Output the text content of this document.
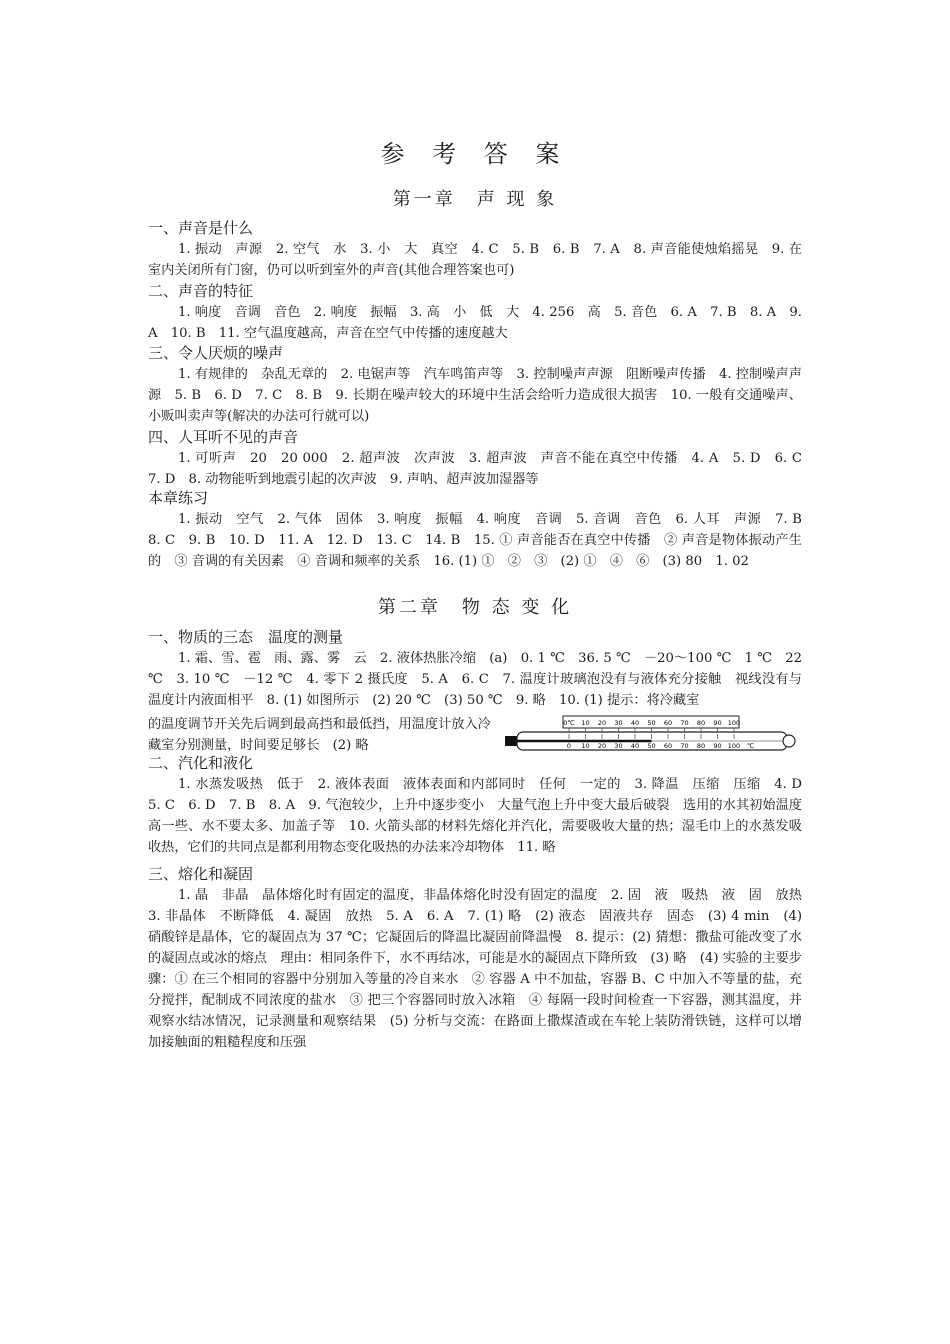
参 考 答 案
第一章　声 现 象
一、声音是什么

1. 振动　声源　2. 空气　水　3. 小　大　真空　4. C　5. B　6. B　7. A　8. 声音能使烛焰摇晃　9. 在室内关闭所有门窗，仍可以听到室外的声音(其他合理答案也可)

二、声音的特征

1. 响度　音调　音色　2. 响度　振幅　3. 高　小　低　大　4. 256　高　5. 音色　6. A　7. B　8. A　9. A　10. B　11. 空气温度越高，声音在空气中传播的速度越大

三、令人厌烦的噪声

1. 有规律的　杂乱无章的　2. 电锯声等　汽车鸣笛声等　3. 控制噪声声源　阻断噪声传播　4. 控制噪声声源　5. B　6. D　7. C　8. B　9. 长期在噪声较大的环境中生活会给听力造成很大损害　10. 一般有交通噪声、小贩叫卖声等(解决的办法可行就可以)

四、人耳听不见的声音

1. 可听声　20　20 000　2. 超声波　次声波　3. 超声波　声音不能在真空中传播　4. A　5. D　6. C　7. D　8. 动物能听到地震引起的次声波　9. 声呐、超声波加湿器等

本章练习

1. 振动　空气　2. 气体　固体　3. 响度　振幅　4. 响度　音调　5. 音调　音色　6. 人耳　声源　7. B　8. C　9. B　10. D　11. A　12. D　13. C　14. B　15. ① 声音能否在真空中传播　② 声音是物体振动产生的　③ 音调的有关因素　④ 音调和频率的关系　16. (1) ①　②　③　(2) ①　④　⑥　(3) 80　1. 02

第二章　物 态 变 化
一、物质的三态　温度的测量

1. 霜、雪、雹　雨、露、雾　云　2. 液体热胀冷缩　(a)　0. 1 ℃　36. 5 ℃　－20～100 ℃　1 ℃　22 ℃　3. 10 ℃　－12 ℃　4. 零下 2 摄氏度　5. A　6. C　7. 温度计玻璃泡没有与液体充分接触　视线没有与温度计内液面相平　8. (1) 如图所示　(2) 20 ℃　(3) 50 ℃　9. 略　10. (1) 提示：将冷藏室

的温度调节开关先后调到最高挡和最低挡，用温度计放入冷藏室分别测量，时间要足够长　(2) 略
0℃ 10 20 30 40 50 60 70 80 90 100
0 10 20 30 40 50 60 70 80 90 100 ℃
二、汽化和液化

1. 水蒸发吸热　低于　2. 液体表面　液体表面和内部同时　任何　一定的　3. 降温　压缩　压缩　4. D　5. C　6. D　7. B　8. A　9. 气泡较少，上升中逐步变小　大量气泡上升中变大最后破裂　选用的水其初始温度高一些、水不要太多、加盖子等　10. 火箭头部的材料先熔化并汽化，需要吸收大量的热；湿毛巾上的水蒸发吸收热，它们的共同点是都利用物态变化吸热的办法来冷却物体　11. 略

三、熔化和凝固

1. 晶　非晶　晶体熔化时有固定的温度，非晶体熔化时没有固定的温度　2. 固　液　吸热　液　固　放热　3. 非晶体　不断降低　4. 凝固　放热　5. A　6. A　7. (1) 略　(2) 液态　固液共存　固态　(3) 4 min　(4) 硝酸锌是晶体，它的凝固点为 37 ℃；它凝固后的降温比凝固前降温慢　8. 提示：(2) 猜想：撒盐可能改变了水的凝固点或冰的熔点　理由：相同条件下，水不再结冰，可能是水的凝固点下降所致　(3) 略　(4) 实验的主要步骤：① 在三个相同的容器中分别加入等量的冷自来水　② 容器 A 中不加盐，容器 B、C 中加入不等量的盐，充分搅拌，配制成不同浓度的盐水　③ 把三个容器同时放入冰箱　④ 每隔一段时间检查一下容器，测其温度，并观察水结冰情况，记录测量和观察结果　(5) 分析与交流：在路面上撒煤渣或在车轮上装防滑铁链，这样可以增加接触面的粗糙程度和压强
